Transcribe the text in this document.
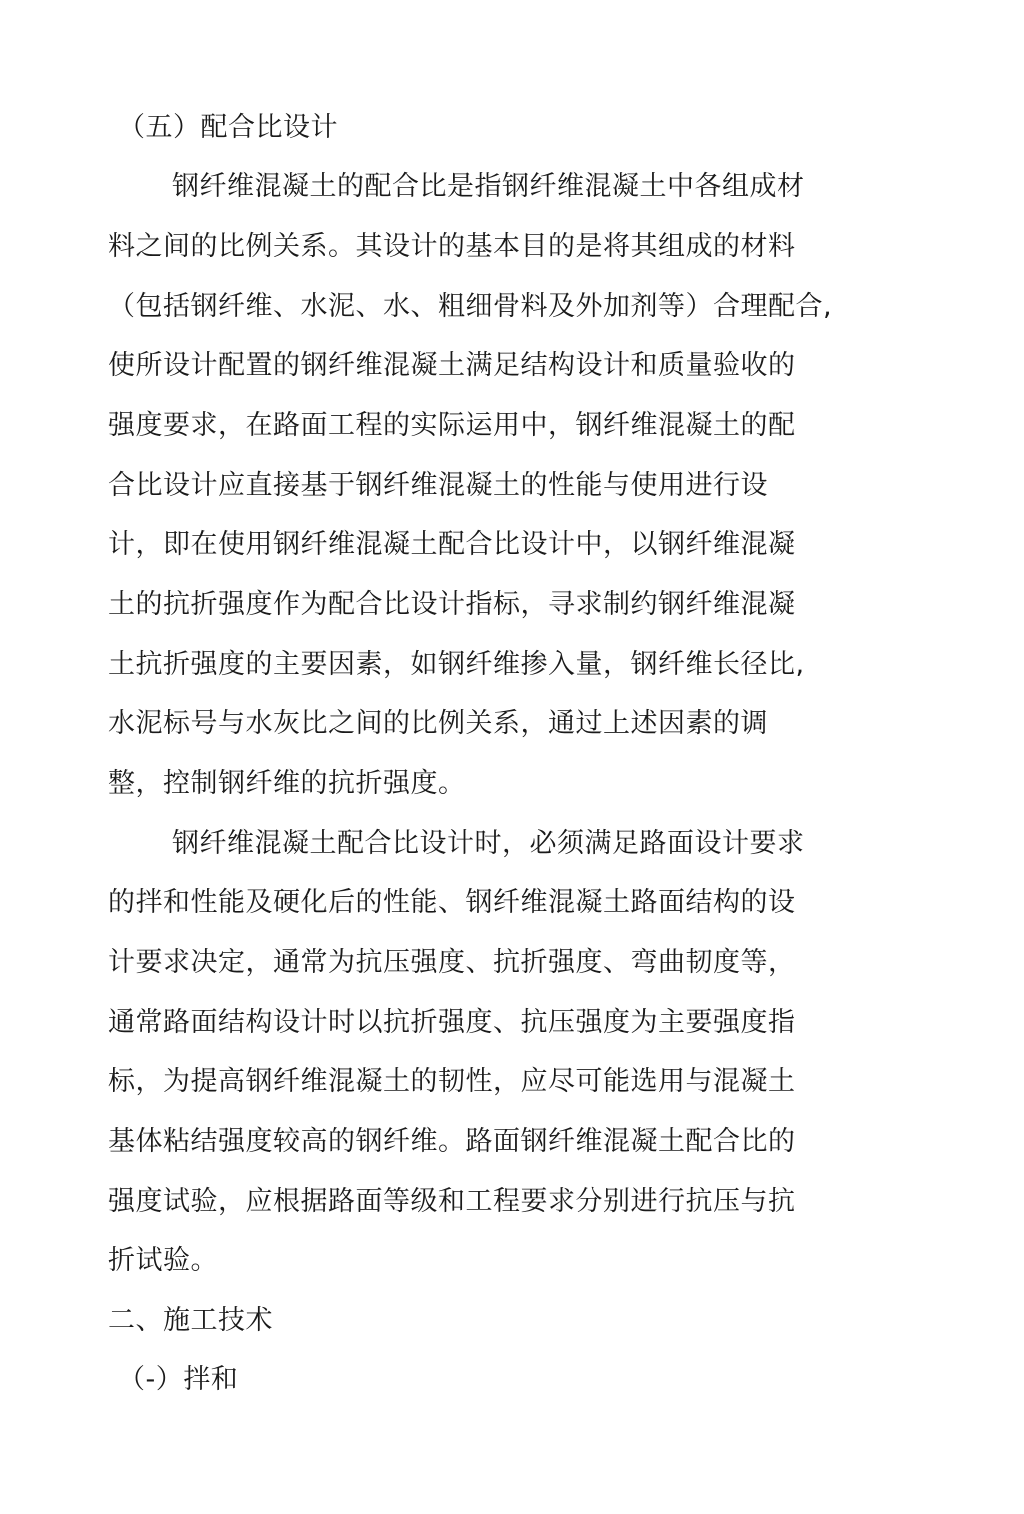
（五）配合比设计
钢纤维混凝土的配合比是指钢纤维混凝土中各组成材
料之间的比例关系。其设计的基本目的是将其组成的材料
（包括钢纤维、水泥、水、粗细骨料及外加剂等）合理配合,
使所设计配置的钢纤维混凝土满足结构设计和质量验收的
强度要求，在路面工程的实际运用中，钢纤维混凝土的配
合比设计应直接基于钢纤维混凝土的性能与使用进行设
计，即在使用钢纤维混凝土配合比设计中，以钢纤维混凝
土的抗折强度作为配合比设计指标，寻求制约钢纤维混凝
土抗折强度的主要因素，如钢纤维掺入量，钢纤维长径比,
水泥标号与水灰比之间的比例关系，通过上述因素的调
整，控制钢纤维的抗折强度。
钢纤维混凝土配合比设计时，必须满足路面设计要求
的拌和性能及硬化后的性能、钢纤维混凝土路面结构的设
计要求决定，通常为抗压强度、抗折强度、弯曲韧度等，
通常路面结构设计时以抗折强度、抗压强度为主要强度指
标，为提高钢纤维混凝土的韧性，应尽可能选用与混凝土
基体粘结强度较高的钢纤维。路面钢纤维混凝土配合比的
强度试验，应根据路面等级和工程要求分别进行抗压与抗
折试验。
二、施工技术
（-）拌和
